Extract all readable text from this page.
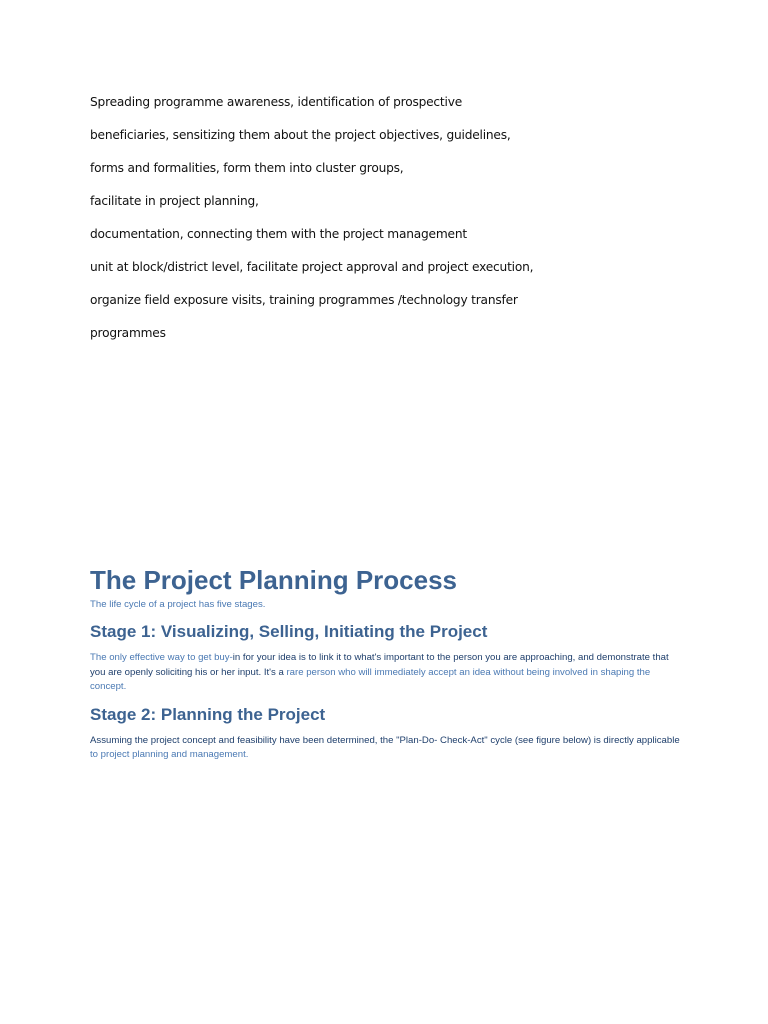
Spreading programme awareness, identification of prospective
beneficiaries, sensitizing them about the project objectives, guidelines,
forms and formalities, form them into cluster groups,
facilitate in project planning,
documentation, connecting them with the project management
unit at block/district level, facilitate project approval and project execution,
organize field exposure visits, training programmes /technology transfer
programmes
The Project Planning Process

The life cycle of a project has five stages.

Stage 1: Visualizing, Selling, Initiating the Project

The only effective way to get buy-in for your idea is to link it to what's important to the person you are approaching, and demonstrate that you are openly soliciting his or her input. It's a rare person who will immediately accept an idea without being involved in shaping the concept.

Stage 2: Planning the Project

Assuming the project concept and feasibility have been determined, the "Plan-Do- Check-Act" cycle (see figure below) is directly applicable to project planning and management.
